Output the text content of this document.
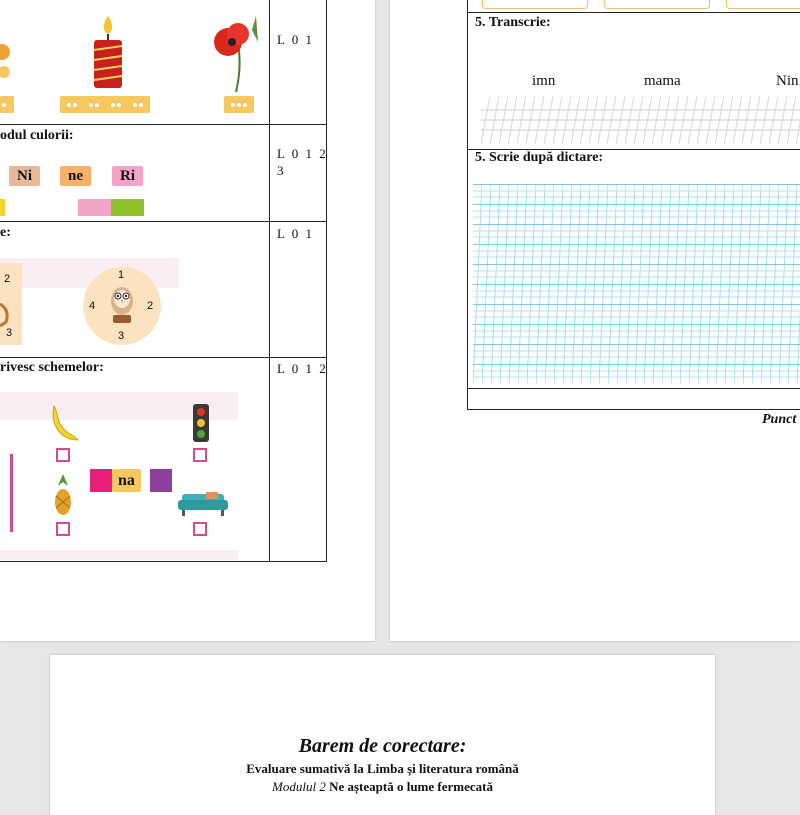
L 0 1
odul culorii:
Ni	ne	Ri
L 0 1 2
3
e:
2
3
1
2
3
4
L 0 1
rivesc schemelor:
na
L 0 1 2
5. Transcrie:
imn	mama	Nin
5. Scrie după dictare:
Punct
Barem de corectare:
Evaluare sumativă la Limba și literatura română
Modulul 2 Ne așteaptă o lume fermecată
